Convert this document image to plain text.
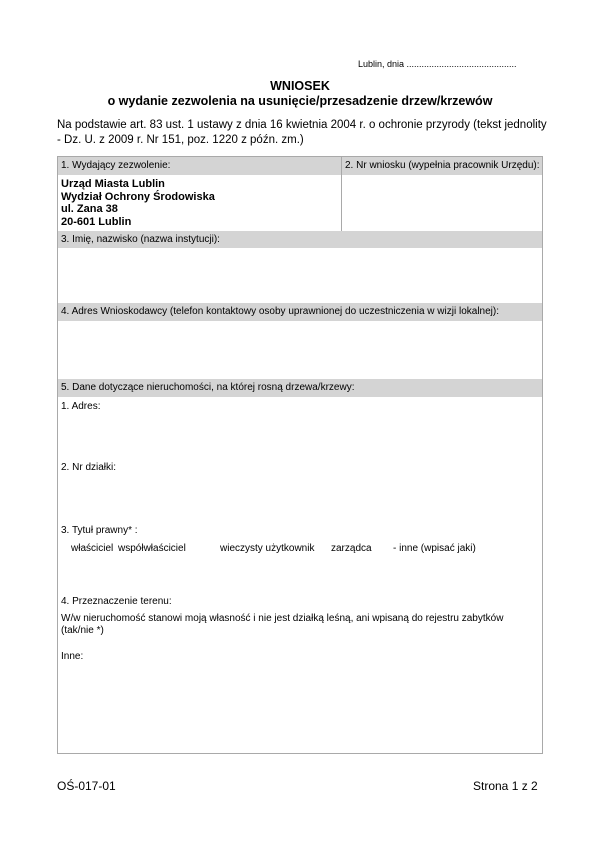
Lublin, dnia ............................................
WNIOSEK
o wydanie zezwolenia na usunięcie/przesadzenie drzew/krzewów
Na podstawie art. 83 ust. 1 ustawy z dnia 16 kwietnia 2004 r. o ochronie przyrody (tekst jednolity - Dz. U. z 2009 r. Nr 151, poz. 1220 z późn. zm.)
1. Wydający zezwolenie:	2. Nr wniosku (wypełnia pracownik Urzędu):
Urząd Miasta Lublin
Wydział Ochrony Środowiska
ul. Zana 38
20-601 Lublin
3. Imię, nazwisko (nazwa instytucji):
4. Adres Wnioskodawcy (telefon kontaktowy osoby uprawnionej do uczestniczenia w wizji lokalnej):
5. Dane dotyczące nieruchomości, na której rosną drzewa/krzewy:
1. Adres:
2. Nr działki:
3. Tytuł prawny* :
właściciel współwłaściciel	wieczysty użytkownik zarządca - inne (wpisać jaki)
4. Przeznaczenie terenu:
W/w nieruchomość stanowi moją własność i nie jest działką leśną, ani wpisaną do rejestru zabytków (tak/nie *)
Inne:
OŚ-017-01	Strona 1 z 2
